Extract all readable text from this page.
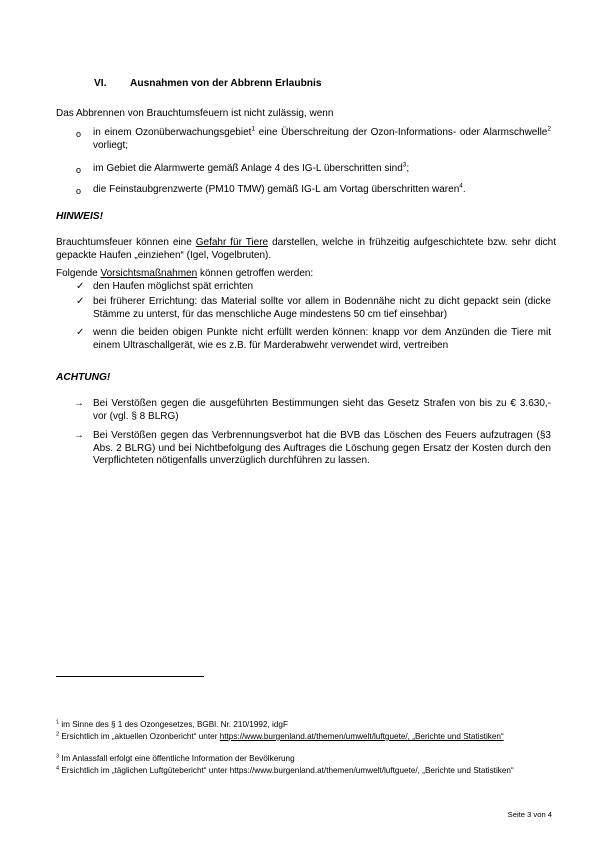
VI. Ausnahmen von der Abbrenn Erlaubnis
Das Abbrennen von Brauchtumsfeuern ist nicht zulässig, wenn
o in einem Ozonüberwachungsgebiet$^1$ eine Überschreitung der Ozon-Informations- oder Alarmschwelle$^2$ vorliegt;
o im Gebiet die Alarmwerte gemäß Anlage 4 des IG-L überschritten sind$^3$;
o die Feinstaubgrenzwerte (PM10 TMW) gemäß IG-L am Vortag überschritten waren$^4$.
HINWEIS!
Brauchtumsfeuer können eine Gefahr für Tiere darstellen, welche in frühzeitig aufgeschichtete bzw. sehr dicht gepackte Haufen „einziehen“ (Igel, Vogelbruten).
Folgende Vorsichtsmaßnahmen können getroffen werden:
✓ den Haufen möglichst spät errichten
✓ bei früherer Errichtung: das Material sollte vor allem in Bodennähe nicht zu dicht gepackt sein (dicke Stämme zu unterst, für das menschliche Auge mindestens 50 cm tief einsehbar)
✓ wenn die beiden obigen Punkte nicht erfüllt werden können: knapp vor dem Anzünden die Tiere mit einem Ultraschallgerät, wie es z.B. für Marderabwehr verwendet wird, vertreiben
ACHTUNG!
→ Bei Verstößen gegen die ausgeführten Bestimmungen sieht das Gesetz Strafen von bis zu € 3.630,- vor (vgl. § 8 BLRG)
→ Bei Verstößen gegen das Verbrennungsverbot hat die BVB das Löschen des Feuers aufzutragen (§3 Abs. 2 BLRG) und bei Nichtbefolgung des Auftrages die Löschung gegen Ersatz der Kosten durch den Verpflichteten nötigenfalls unverzüglich durchführen zu lassen.
$^1$ im Sinne des § 1 des Ozongesetzes, BGBl. Nr. 210/1992, idgF
$^2$ Ersichtlich im „aktuellen Ozonbericht“ unter https://www.burgenland.at/themen/umwelt/luftguete/, „Berichte und Statistiken“
$^3$ Im Anlassfall erfolgt eine öffentliche Information der Bevölkerung
$^4$ Ersichtlich im „täglichen Luftgütebericht“ unter https://www.burgenland.at/themen/umwelt/luftguete/, „Berichte und Statistiken“
Seite 3 von 4
